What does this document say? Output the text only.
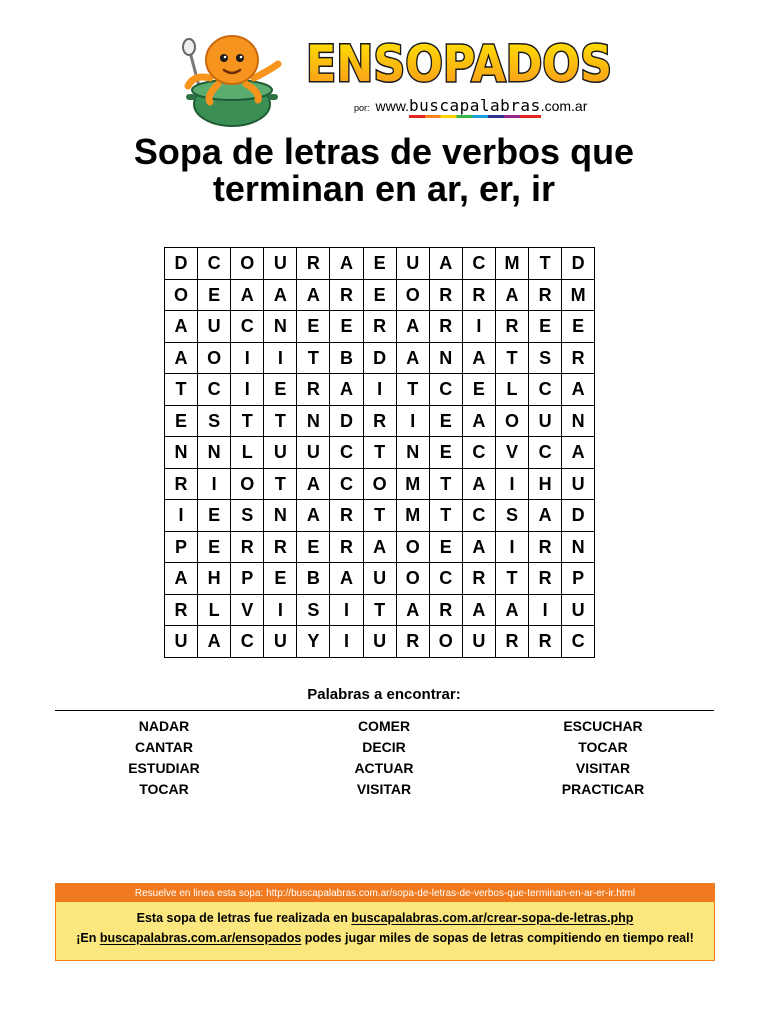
ENSOPADOS
por: www.buscapalabras.com.ar
Sopa de letras de verbos que
terminan en ar, er, ir
D	C	O	U	R	A	E	U	A	C	M	T	D
O	E	A	A	A	R	E	O	R	R	A	R	M
A	U	C	N	E	E	R	A	R	I	R	E	E
A	O	I	I	T	B	D	A	N	A	T	S	R
T	C	I	E	R	A	I	T	C	E	L	C	A
E	S	T	T	N	D	R	I	E	A	O	U	N
N	N	L	U	U	C	T	N	E	C	V	C	A
R	I	O	T	A	C	O	M	T	A	I	H	U
I	E	S	N	A	R	T	M	T	C	S	A	D
P	E	R	R	E	R	A	O	E	A	I	R	N
A	H	P	E	B	A	U	O	C	R	T	R	P
R	L	V	I	S	I	T	A	R	A	A	I	U
U	A	C	U	Y	I	U	R	O	U	R	R	C
Palabras a encontrar:
NADAR
CANTAR
ESTUDIAR
TOCAR
COMER
DECIR
ACTUAR
VISITAR
ESCUCHAR
TOCAR
VISITAR
PRACTICAR
Resuelve en linea esta sopa: http://buscapalabras.com.ar/sopa-de-letras-de-verbos-que-terminan-en-ar-er-ir.html
Esta sopa de letras fue realizada en buscapalabras.com.ar/crear-sopa-de-letras.php
¡En buscapalabras.com.ar/ensopados podes jugar miles de sopas de letras compitiendo en tiempo real!
